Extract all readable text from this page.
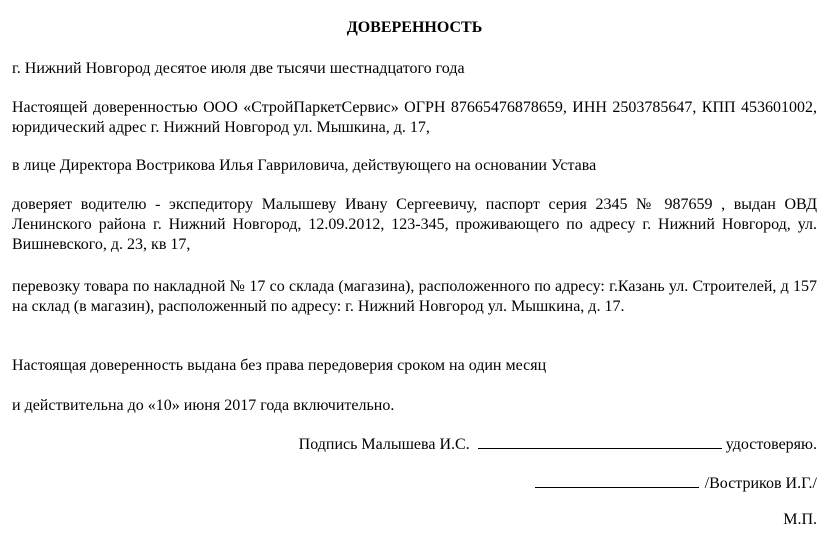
ДОВЕРЕННОСТЬ

г. Нижний Новгород десятое июля две тысячи шестнадцатого года

Настоящей доверенностью ООО «СтройПаркетСервис» ОГРН 87665476878659, ИНН 2503785647, КПП 453601002, юридический адрес г. Нижний Новгород ул. Мышкина, д. 17,

в лице Директора Вострикова Илья Гавриловича, действующего на основании Устава

доверяет водителю - экспедитору Малышеву Ивану Сергеевичу, паспорт серия 2345 № 987659 , выдан ОВД Ленинского района г. Нижний Новгород, 12.09.2012, 123-345, проживающего по адресу г. Нижний Новгород, ул. Вишневского, д. 23, кв 17,

перевозку товара по накладной № 17 со склада (магазина), расположенного по адресу: г.Казань ул. Строителей, д 157 на склад (в магазин), расположенный по адресу: г. Нижний Новгород ул. Мышкина, д. 17.

Настоящая доверенность выдана без права передоверия сроком на один месяц

и действительна до «10» июня 2017 года включительно.

Подпись Малышева И.С.	удостоверяю.
/Востриков И.Г./
М.П.
